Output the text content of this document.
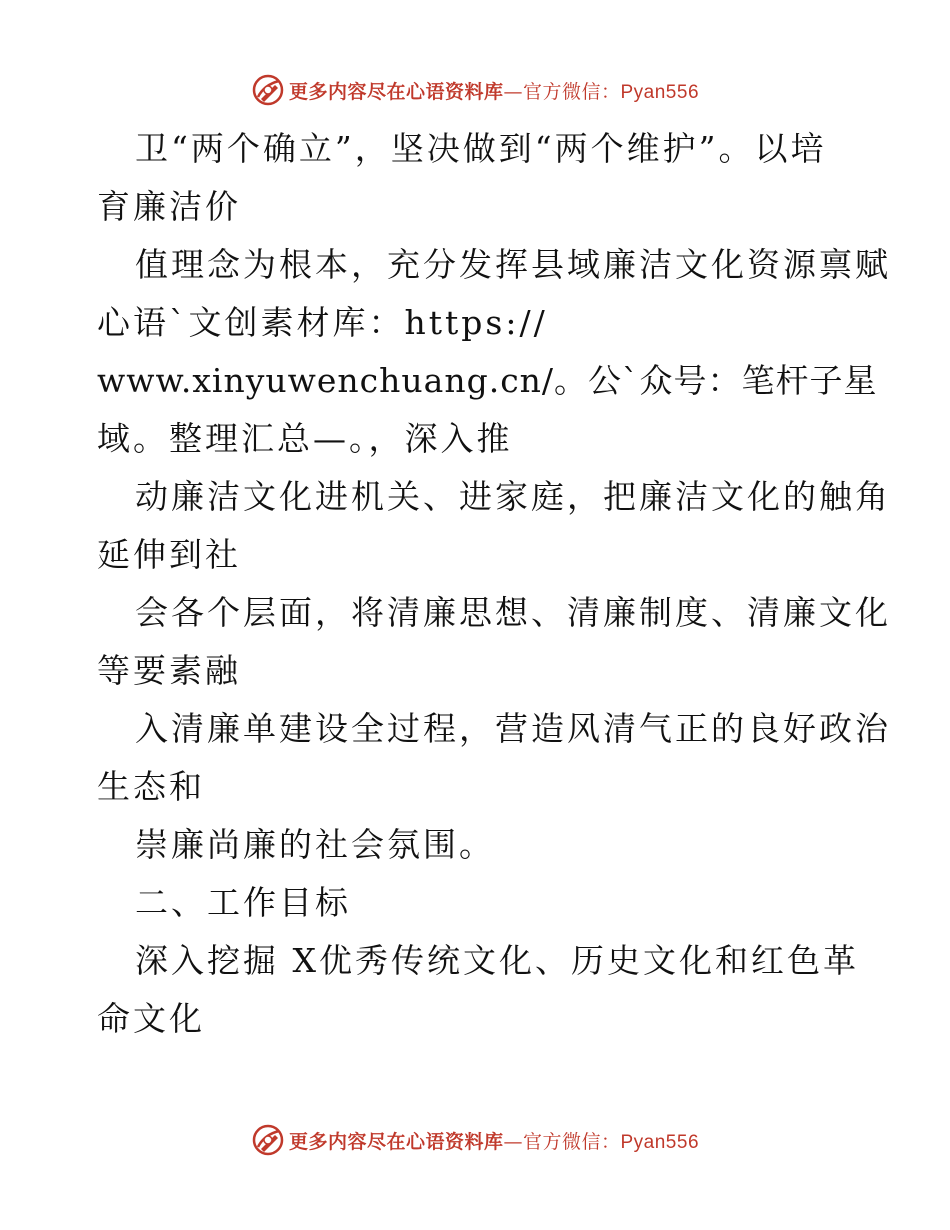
更多内容尽在心语资料库—官方微信：Pyan556
卫“两个确立”，坚决做到“两个维护”。以培
育廉洁价
值理念为根本，充分发挥县域廉洁文化资源禀赋
心语`文创素材库：https://
www.xinyuwenchuang.cn/。公`众号：笔杆子星
域。整理汇总—。，深入推
动廉洁文化进机关、进家庭，把廉洁文化的触角
延伸到社
会各个层面，将清廉思想、清廉制度、清廉文化
等要素融
入清廉单建设全过程，营造风清气正的良好政治
生态和
崇廉尚廉的社会氛围。
二、工作目标
深入挖掘 X优秀传统文化、历史文化和红色革
命文化
更多内容尽在心语资料库—官方微信：Pyan556
